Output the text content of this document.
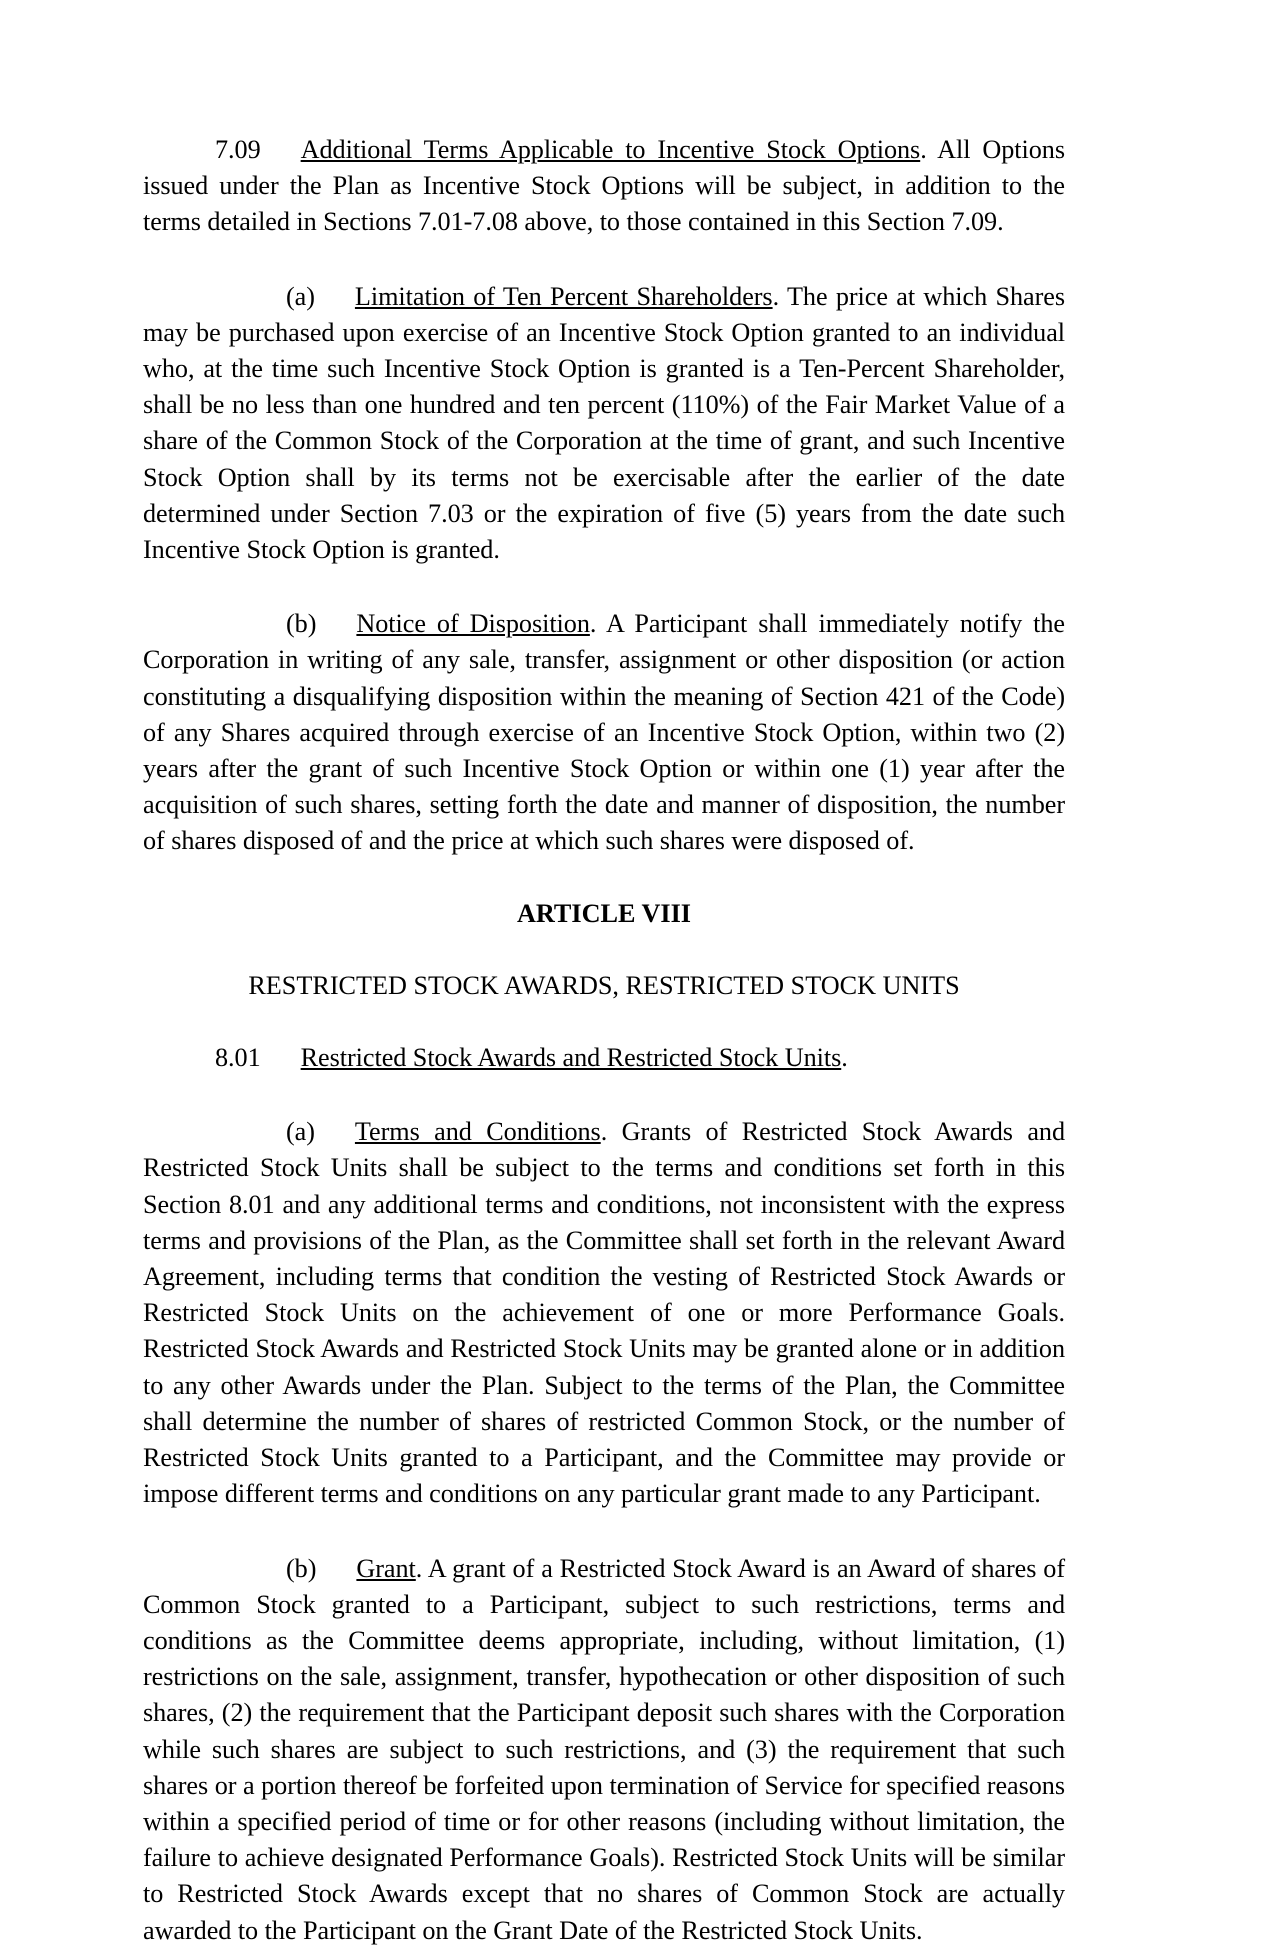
7.09 Additional Terms Applicable to Incentive Stock Options. All Options issued under the Plan as Incentive Stock Options will be subject, in addition to the terms detailed in Sections 7.01-7.08 above, to those contained in this Section 7.09.

(a) Limitation of Ten Percent Shareholders. The price at which Shares may be purchased upon exercise of an Incentive Stock Option granted to an individual who, at the time such Incentive Stock Option is granted is a Ten-Percent Shareholder, shall be no less than one hundred and ten percent (110%) of the Fair Market Value of a share of the Common Stock of the Corporation at the time of grant, and such Incentive Stock Option shall by its terms not be exercisable after the earlier of the date determined under Section 7.03 or the expiration of five (5) years from the date such Incentive Stock Option is granted.

(b) Notice of Disposition. A Participant shall immediately notify the Corporation in writing of any sale, transfer, assignment or other disposition (or action constituting a disqualifying disposition within the meaning of Section 421 of the Code) of any Shares acquired through exercise of an Incentive Stock Option, within two (2) years after the grant of such Incentive Stock Option or within one (1) year after the acquisition of such shares, setting forth the date and manner of disposition, the number of shares disposed of and the price at which such shares were disposed of.

ARTICLE VIII

RESTRICTED STOCK AWARDS, RESTRICTED STOCK UNITS

8.01 Restricted Stock Awards and Restricted Stock Units.

(a) Terms and Conditions. Grants of Restricted Stock Awards and Restricted Stock Units shall be subject to the terms and conditions set forth in this Section 8.01 and any additional terms and conditions, not inconsistent with the express terms and provisions of the Plan, as the Committee shall set forth in the relevant Award Agreement, including terms that condition the vesting of Restricted Stock Awards or Restricted Stock Units on the achievement of one or more Performance Goals. Restricted Stock Awards and Restricted Stock Units may be granted alone or in addition to any other Awards under the Plan. Subject to the terms of the Plan, the Committee shall determine the number of shares of restricted Common Stock, or the number of Restricted Stock Units granted to a Participant, and the Committee may provide or impose different terms and conditions on any particular grant made to any Participant.

(b) Grant. A grant of a Restricted Stock Award is an Award of shares of Common Stock granted to a Participant, subject to such restrictions, terms and conditions as the Committee deems appropriate, including, without limitation, (1) restrictions on the sale, assignment, transfer, hypothecation or other disposition of such shares, (2) the requirement that the Participant deposit such shares with the Corporation while such shares are subject to such restrictions, and (3) the requirement that such shares or a portion thereof be forfeited upon termination of Service for specified reasons within a specified period of time or for other reasons (including without limitation, the failure to achieve designated Performance Goals). Restricted Stock Units will be similar to Restricted Stock Awards except that no shares of Common Stock are actually awarded to the Participant on the Grant Date of the Restricted Stock Units.
